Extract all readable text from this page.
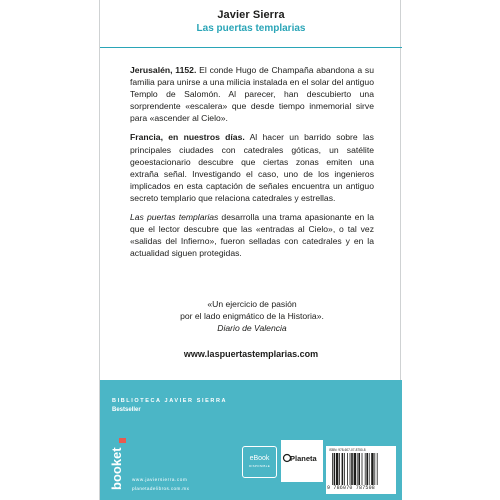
Javier Sierra
Las puertas templarias

Jerusalén, 1152. El conde Hugo de Champaña abandona a su familia para unirse a una milicia instalada en el solar del antiguo Templo de Salomón. Al parecer, han descubierto una sorprendente «escalera» que desde tiempo inmemorial sirve para «ascender al Cielo».

Francia, en nuestros días. Al hacer un barrido sobre las principales ciudades con catedrales góticas, un satélite geoestacionario descubre que ciertas zonas emiten una extraña señal. Investigando el caso, uno de los ingenieros implicados en esta captación de señales encuentra un antiguo secreto templario que relaciona catedrales y estrellas.

Las puertas templarias desarrolla una trama apasionante en la que el lector descubre que las «entradas al Cielo», o tal vez «salidas del Infierno», fueron selladas con catedrales y en la actualidad siguen protegidas.

«Un ejercicio de pasión
por el lado enigmático de la Historia».
Diario de Valencia
www.laspuertastemplarias.com
BIBLIOTECA JAVIER SIERRA
Bestseller
booket www.javiersierra.com
planetadelibros.com.mx
eBook
DISPONIBLE
Planeta
ISBN: 978-607-07-8750-8
9 786070 787508
